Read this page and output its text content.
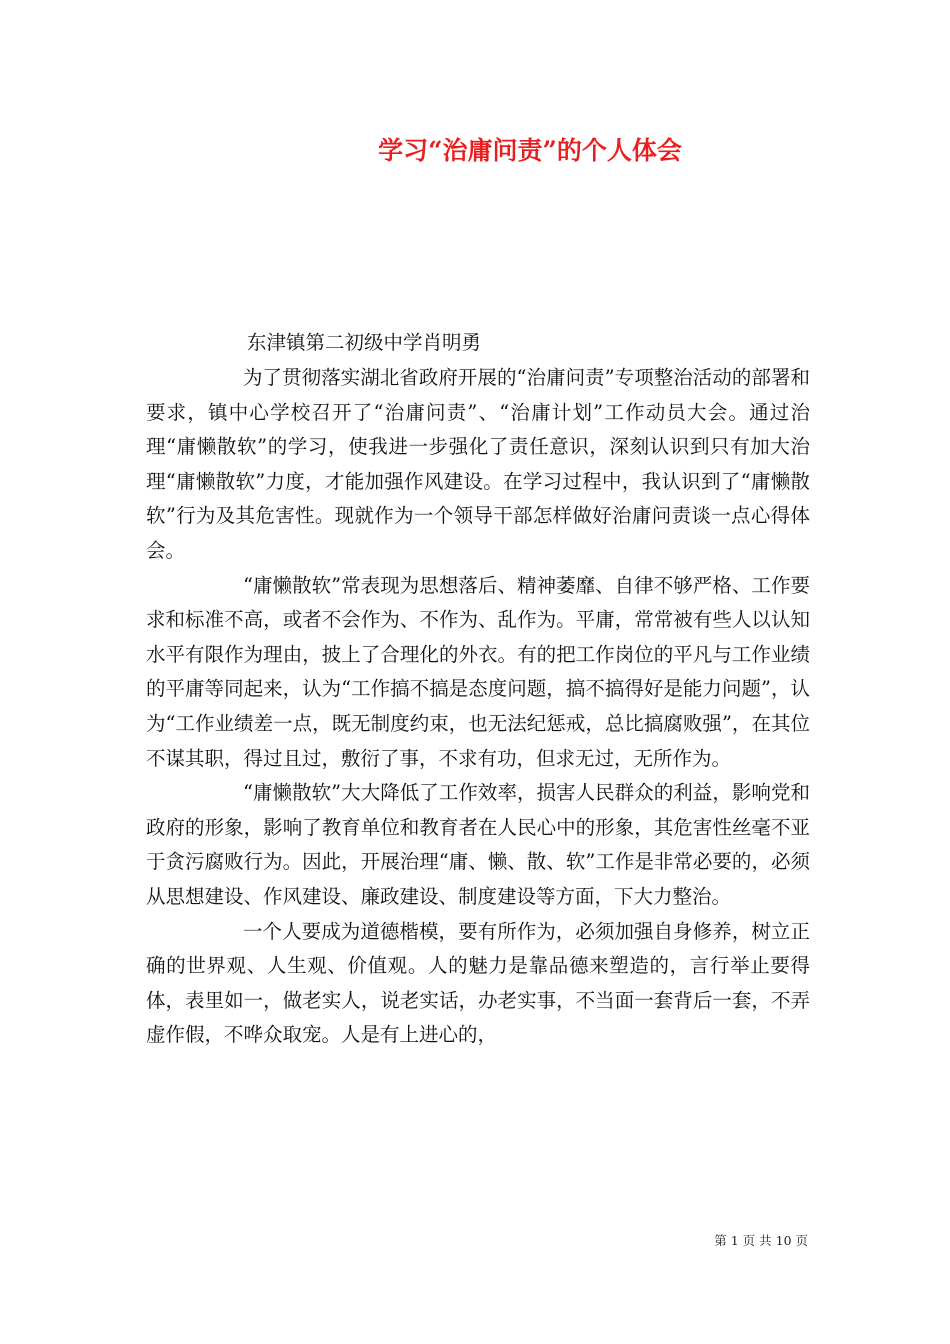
学习“治庸问责”的个人体会
东津镇第二初级中学肖明勇

为了贯彻落实湖北省政府开展的“治庸问责”专项整治活动的部署和要求，镇中心学校召开了“治庸问责”、“治庸计划”工作动员大会。通过治理“庸懒散软”的学习，使我进一步强化了责任意识，深刻认识到只有加大治理“庸懒散软”力度，才能加强作风建设。在学习过程中，我认识到了“庸懒散软”行为及其危害性。现就作为一个领导干部怎样做好治庸问责谈一点心得体会。

“庸懒散软”常表现为思想落后、精神萎靡、自律不够严格、工作要求和标准不高，或者不会作为、不作为、乱作为。平庸，常常被有些人以认知水平有限作为理由，披上了合理化的外衣。有的把工作岗位的平凡与工作业绩的平庸等同起来，认为“工作搞不搞是态度问题，搞不搞得好是能力问题”，认为“工作业绩差一点，既无制度约束，也无法纪惩戒，总比搞腐败强”，在其位不谋其职，得过且过，敷衍了事，不求有功，但求无过，无所作为。

“庸懒散软”大大降低了工作效率，损害人民群众的利益，影响党和政府的形象，影响了教育单位和教育者在人民心中的形象，其危害性丝毫不亚于贪污腐败行为。因此，开展治理“庸、懒、散、软”工作是非常必要的，必须从思想建设、作风建设、廉政建设、制度建设等方面，下大力整治。

一个人要成为道德楷模，要有所作为，必须加强自身修养，树立正确的世界观、人生观、价值观。人的魅力是靠品德来塑造的，言行举止要得体，表里如一，做老实人，说老实话，办老实事，不当面一套背后一套，不弄虚作假，不哗众取宠。人是有上进心的，

第 1 页 共 10 页
